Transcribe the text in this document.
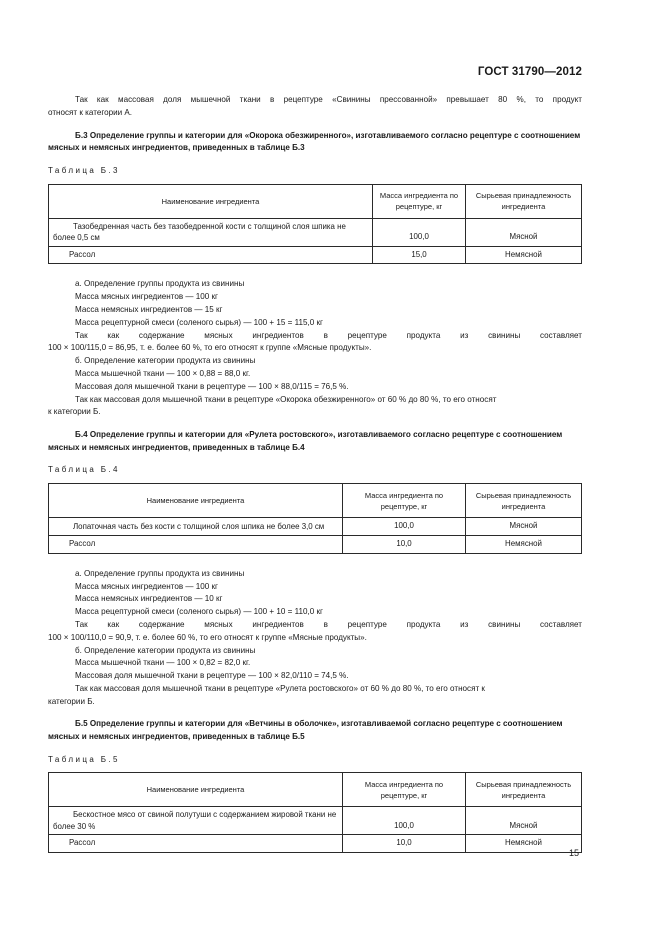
ГОСТ 31790—2012

Так как массовая доля мышечной ткани в рецептуре «Свинины прессованной» превышает 80 %, то продукт

относят к категории А.

Б.3 Определение группы и категории для «Окорока обезжиренного», изготавливаемого согласно рецептуре с соотношением мясных и немясных ингредиентов, приведенных в таблице Б.3

Таблица Б.3

Наименование ингредиента	Масса ингредиента по рецептуре, кг	Сырьевая принадлежность ингредиента

Тазобедренная часть без тазобедренной кости с толщиной слоя шпика не более 0,5 см	100,0	Мясной
Рассол	15,0	Немясной

а. Определение группы продукта из свинины

Масса мясных ингредиентов — 100 кг

Масса немясных ингредиентов — 15 кг

Масса рецептурной смеси (соленого сырья) — 100 + 15 = 115,0 кг

Так как содержание мясных ингредиентов в рецептуре продукта из свинины составляет

100 × 100/115,0 = 86,95, т. е. более 60 %, то его относят к группе «Мясные продукты».

б. Определение категории продукта из свинины

Масса мышечной ткани — 100 × 0,88 = 88,0 кг.

Массовая доля мышечной ткани в рецептуре — 100 × 88,0/115 = 76,5 %.

Так как массовая доля мышечной ткани в рецептуре «Окорока обезжиренного» от 60 % до 80 %, то его относят

к категории Б.

Б.4 Определение группы и категории для «Рулета ростовского», изготавливаемого согласно рецептуре с соотношением мясных и немясных ингредиентов, приведенных в таблице Б.4

Таблица Б.4

Наименование ингредиента	Масса ингредиента по рецептуре, кг	Сырьевая принадлежность ингредиента

Лопаточная часть без кости с толщиной слоя шпика не более 3,0 см	100,0	Мясной
Рассол	10,0	Немясной

а. Определение группы продукта из свинины

Масса мясных ингредиентов — 100 кг

Масса немясных ингредиентов — 10 кг

Масса рецептурной смеси (соленого сырья) — 100 + 10 = 110,0 кг

Так как содержание мясных ингредиентов в рецептуре продукта из свинины составляет

100 × 100/110,0 = 90,9, т. е. более 60 %, то его относят к группе «Мясные продукты».

б. Определение категории продукта из свинины

Масса мышечной ткани — 100 × 0,82 = 82,0 кг.

Массовая доля мышечной ткани в рецептуре — 100 × 82,0/110 = 74,5 %.

Так как массовая доля мышечной ткани в рецептуре «Рулета ростовского» от 60 % до 80 %, то его относят к

категории Б.

Б.5 Определение группы и категории для «Ветчины в оболочке», изготавливаемой согласно рецептуре с соотношением мясных и немясных ингредиентов, приведенных в таблице Б.5

Таблица Б.5

Наименование ингредиента	Масса ингредиента по рецептуре, кг	Сырьевая принадлежность ингредиента

Бескостное мясо от свиной полутуши с содержанием жировой ткани не более 30 %	100,0	Мясной
Рассол	10,0	Немясной
15
